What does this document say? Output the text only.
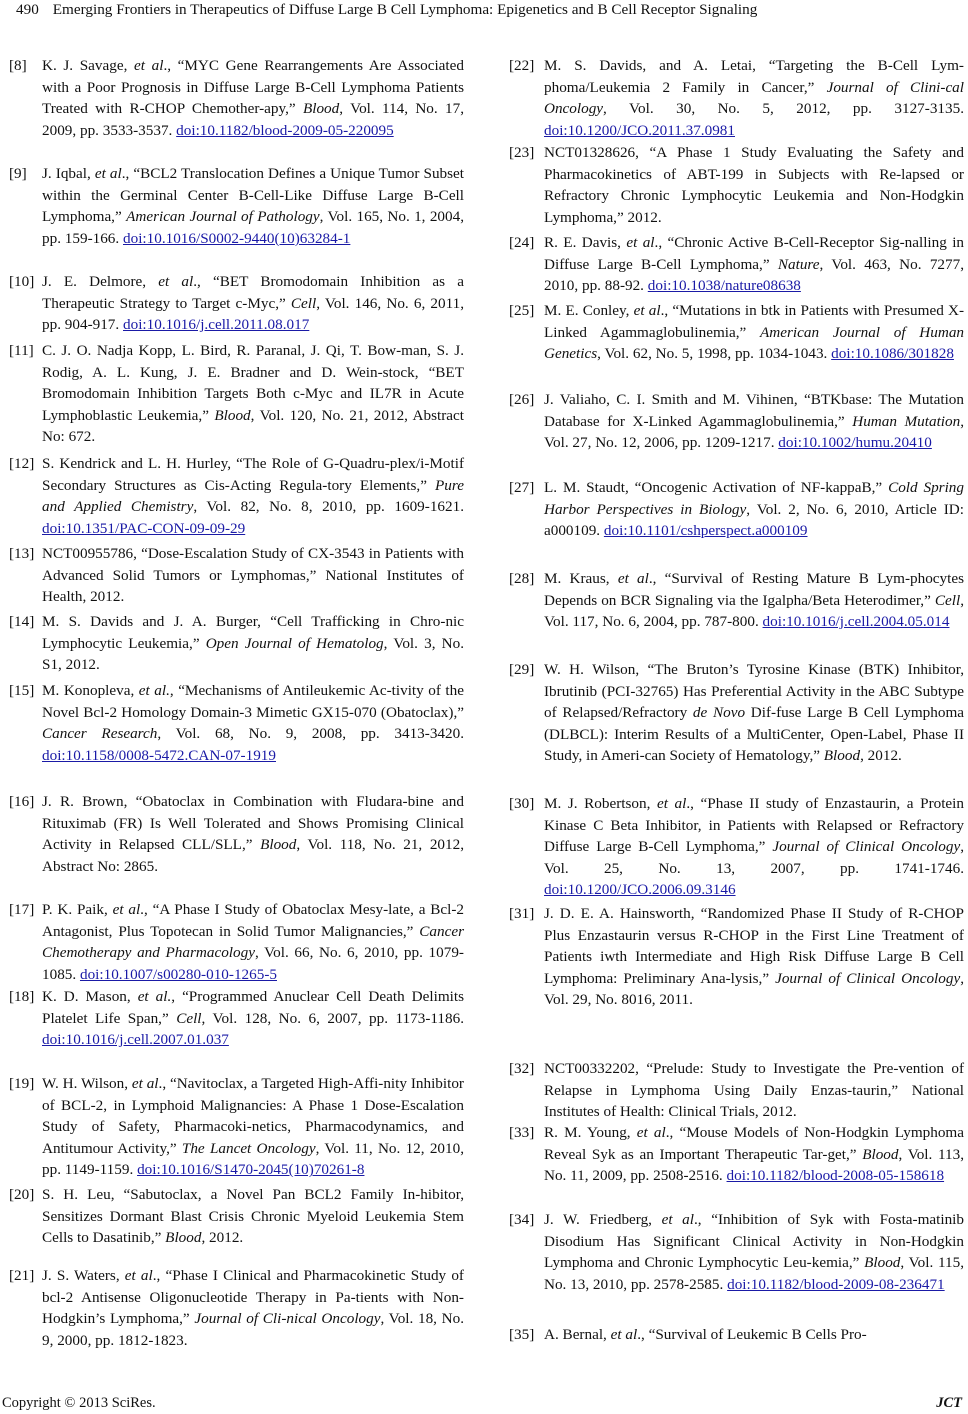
490 Emerging Frontiers in Therapeutics of Diffuse Large B Cell Lymphoma: Epigenetics and B Cell Receptor Signaling
[8] K. J. Savage, et al., “MYC Gene Rearrangements Are Associated with a Poor Prognosis in Diffuse Large B-Cell Lymphoma Patients Treated with R-CHOP Chemother-apy,” Blood, Vol. 114, No. 17, 2009, pp. 3533-3537. doi:10.1182/blood-2009-05-220095
[9] J. Iqbal, et al., “BCL2 Translocation Defines a Unique Tumor Subset within the Germinal Center B-Cell-Like Diffuse Large B-Cell Lymphoma,” American Journal of Pathology, Vol. 165, No. 1, 2004, pp. 159-166. doi:10.1016/S0002-9440(10)63284-1
[10] J. E. Delmore, et al., “BET Bromodomain Inhibition as a Therapeutic Strategy to Target c-Myc,” Cell, Vol. 146, No. 6, 2011, pp. 904-917. doi:10.1016/j.cell.2011.08.017
[11] C. J. O. Nadja Kopp, L. Bird, R. Paranal, J. Qi, T. Bow-man, S. J. Rodig, A. L. Kung, J. E. Bradner and D. Wein-stock, “BET Bromodomain Inhibition Targets Both c-Myc and IL7R in Acute Lymphoblastic Leukemia,” Blood, Vol. 120, No. 21, 2012, Abstract No: 672.
[12] S. Kendrick and L. H. Hurley, “The Role of G-Quadru-plex/i-Motif Secondary Structures as Cis-Acting Regula-tory Elements,” Pure and Applied Chemistry, Vol. 82, No. 8, 2010, pp. 1609-1621. doi:10.1351/PAC-CON-09-09-29
[13] NCT00955786, “Dose-Escalation Study of CX-3543 in Patients with Advanced Solid Tumors or Lymphomas,” National Institutes of Health, 2012.
[14] M. S. Davids and J. A. Burger, “Cell Trafficking in Chro-nic Lymphocytic Leukemia,” Open Journal of Hematolog, Vol. 3, No. S1, 2012.
[15] M. Konopleva, et al., “Mechanisms of Antileukemic Ac-tivity of the Novel Bcl-2 Homology Domain-3 Mimetic GX15-070 (Obatoclax),” Cancer Research, Vol. 68, No. 9, 2008, pp. 3413-3420. doi:10.1158/0008-5472.CAN-07-1919
[16] J. R. Brown, “Obatoclax in Combination with Fludara-bine and Rituximab (FR) Is Well Tolerated and Shows Promising Clinical Activity in Relapsed CLL/SLL,” Blood, Vol. 118, No. 21, 2012, Abstract No: 2865.
[17] P. K. Paik, et al., “A Phase I Study of Obatoclax Mesy-late, a Bcl-2 Antagonist, Plus Topotecan in Solid Tumor Malignancies,” Cancer Chemotherapy and Pharmacology, Vol. 66, No. 6, 2010, pp. 1079-1085. doi:10.1007/s00280-010-1265-5
[18] K. D. Mason, et al., “Programmed Anuclear Cell Death Delimits Platelet Life Span,” Cell, Vol. 128, No. 6, 2007, pp. 1173-1186. doi:10.1016/j.cell.2007.01.037
[19] W. H. Wilson, et al., “Navitoclax, a Targeted High-Affi-nity Inhibitor of BCL-2, in Lymphoid Malignancies: A Phase 1 Dose-Escalation Study of Safety, Pharmacoki-netics, Pharmacodynamics, and Antitumour Activity,” The Lancet Oncology, Vol. 11, No. 12, 2010, pp. 1149-1159. doi:10.1016/S1470-2045(10)70261-8
[20] S. H. Leu, “Sabutoclax, a Novel Pan BCL2 Family In-hibitor, Sensitizes Dormant Blast Crisis Chronic Myeloid Leukemia Stem Cells to Dasatinib,” Blood, 2012.
[21] J. S. Waters, et al., “Phase I Clinical and Pharmacokinetic Study of bcl-2 Antisense Oligonucleotide Therapy in Pa-tients with Non-Hodgkin’s Lymphoma,” Journal of Cli-nical Oncology, Vol. 18, No. 9, 2000, pp. 1812-1823.
[22] M. S. Davids, and A. Letai, “Targeting the B-Cell Lym-phoma/Leukemia 2 Family in Cancer,” Journal of Clini-cal Oncology, Vol. 30, No. 5, 2012, pp. 3127-3135. doi:10.1200/JCO.2011.37.0981
[23] NCT01328626, “A Phase 1 Study Evaluating the Safety and Pharmacokinetics of ABT-199 in Subjects with Re-lapsed or Refractory Chronic Lymphocytic Leukemia and Non-Hodgkin Lymphoma,” 2012.
[24] R. E. Davis, et al., “Chronic Active B-Cell-Receptor Sig-nalling in Diffuse Large B-Cell Lymphoma,” Nature, Vol. 463, No. 7277, 2010, pp. 88-92. doi:10.1038/nature08638
[25] M. E. Conley, et al., “Mutations in btk in Patients with Presumed X-Linked Agammaglobulinemia,” American Journal of Human Genetics, Vol. 62, No. 5, 1998, pp. 1034-1043. doi:10.1086/301828
[26] J. Valiaho, C. I. Smith and M. Vihinen, “BTKbase: The Mutation Database for X-Linked Agammaglobulinemia,” Human Mutation, Vol. 27, No. 12, 2006, pp. 1209-1217. doi:10.1002/humu.20410
[27] L. M. Staudt, “Oncogenic Activation of NF-kappaB,” Cold Spring Harbor Perspectives in Biology, Vol. 2, No. 6, 2010, Article ID: a000109. doi:10.1101/cshperspect.a000109
[28] M. Kraus, et al., “Survival of Resting Mature B Lym-phocytes Depends on BCR Signaling via the Igalpha/Beta Heterodimer,” Cell, Vol. 117, No. 6, 2004, pp. 787-800. doi:10.1016/j.cell.2004.05.014
[29] W. H. Wilson, “The Bruton’s Tyrosine Kinase (BTK) Inhibitor, Ibrutinib (PCI-32765) Has Preferential Activity in the ABC Subtype of Relapsed/Refractory de Novo Dif-fuse Large B Cell Lymphoma (DLBCL): Interim Results of a MultiCenter, Open-Label, Phase II Study, in Ameri-can Society of Hematology,” Blood, 2012.
[30] M. J. Robertson, et al., “Phase II study of Enzastaurin, a Protein Kinase C Beta Inhibitor, in Patients with Relapsed or Refractory Diffuse Large B-Cell Lymphoma,” Journal of Clinical Oncology, Vol. 25, No. 13, 2007, pp. 1741-1746. doi:10.1200/JCO.2006.09.3146
[31] J. D. E. A. Hainsworth, “Randomized Phase II Study of R-CHOP Plus Enzastaurin versus R-CHOP in the First Line Treatment of Patients iwth Intermediate and High Risk Diffuse Large B Cell Lymphoma: Preliminary Ana-lysis,” Journal of Clinical Oncology, Vol. 29, No. 8016, 2011.
[32] NCT00332202, “Prelude: Study to Investigate the Pre-vention of Relapse in Lymphoma Using Daily Enzas-taurin,” National Institutes of Health: Clinical Trials, 2012.
[33] R. M. Young, et al., “Mouse Models of Non-Hodgkin Lymphoma Reveal Syk as an Important Therapeutic Tar-get,” Blood, Vol. 113, No. 11, 2009, pp. 2508-2516. doi:10.1182/blood-2008-05-158618
[34] J. W. Friedberg, et al., “Inhibition of Syk with Fosta-matinib Disodium Has Significant Clinical Activity in Non-Hodgkin Lymphoma and Chronic Lymphocytic Leu-kemia,” Blood, Vol. 115, No. 13, 2010, pp. 2578-2585. doi:10.1182/blood-2009-08-236471
[35] A. Bernal, et al., “Survival of Leukemic B Cells Pro-
Copyright © 2013 SciRes.	JCT
